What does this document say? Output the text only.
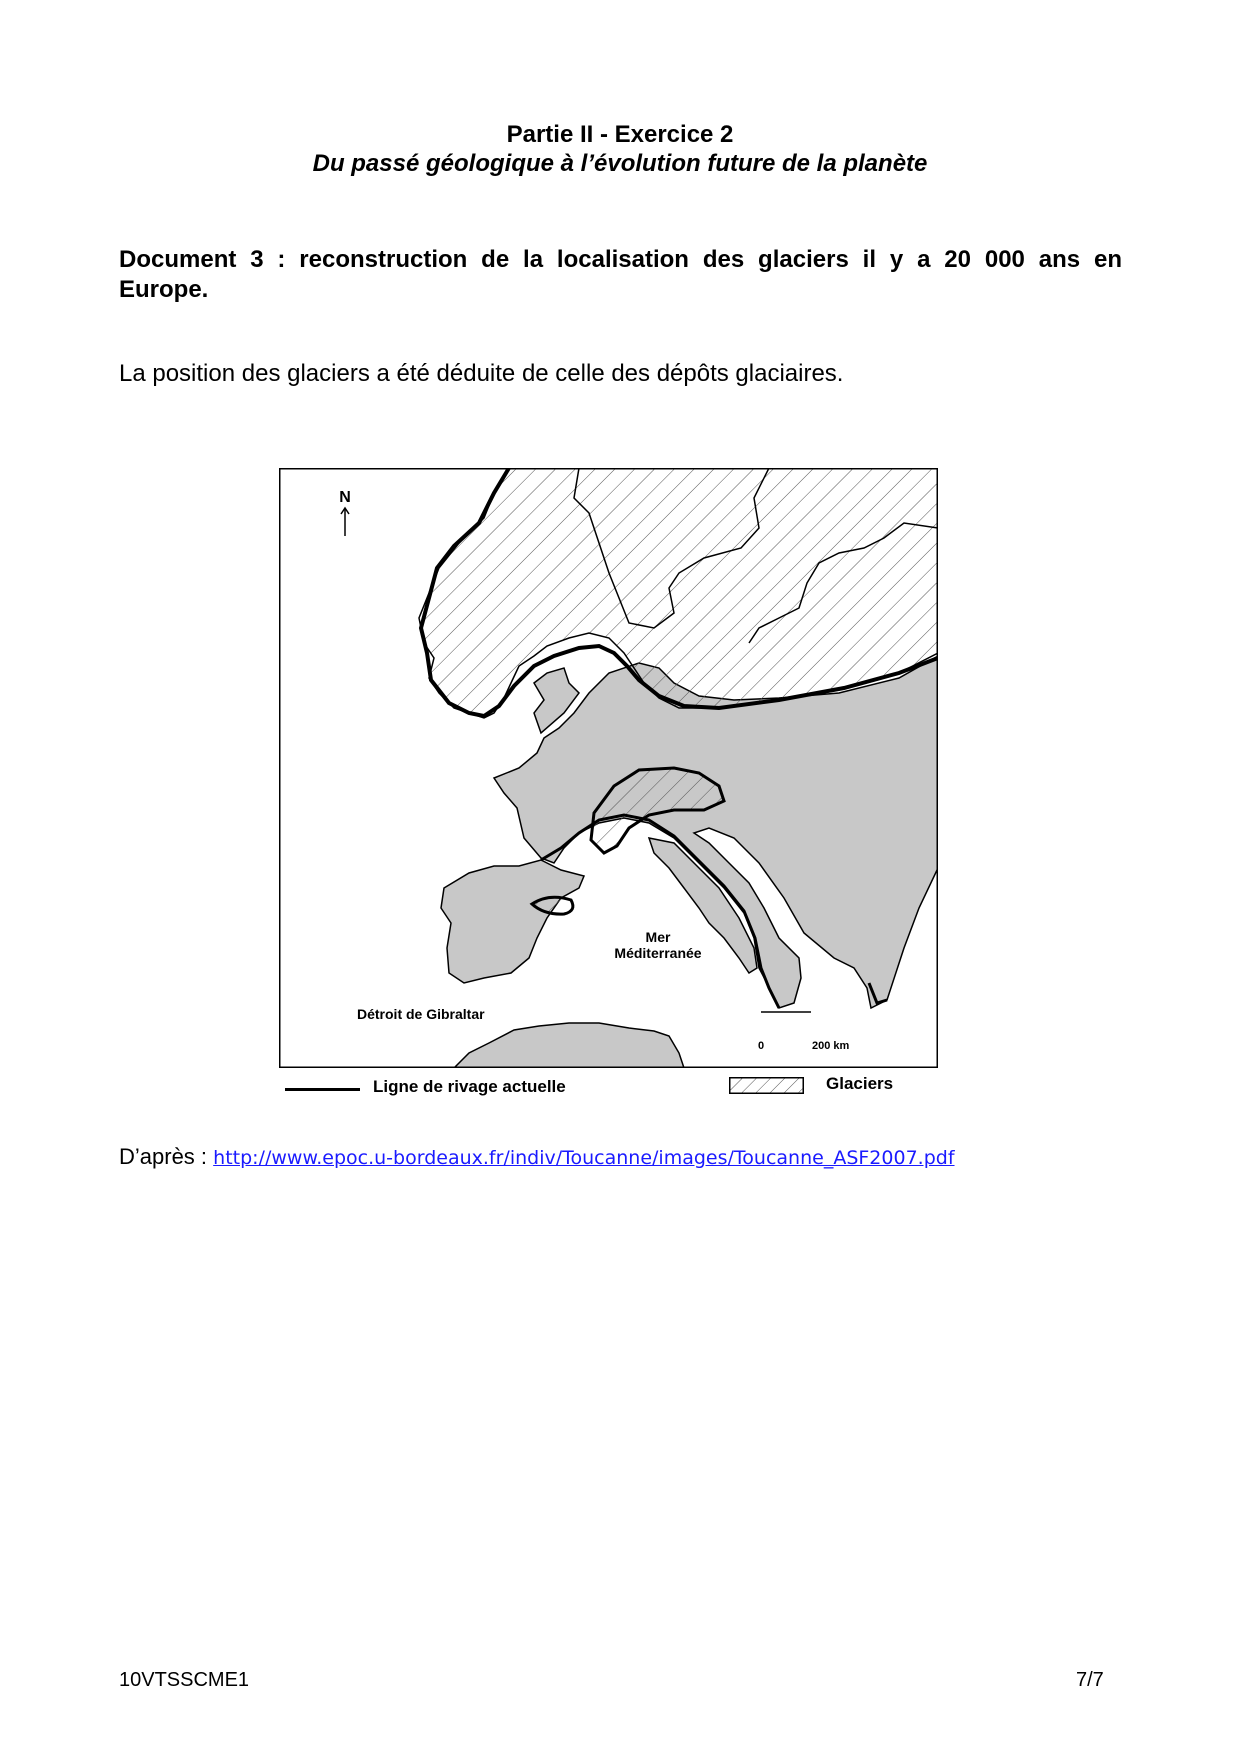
Partie II - Exercice 2
Du passé géologique à l’évolution future de la planète
Document 3 : reconstruction de la localisation des glaciers il y a 20 000 ans en
Europe.
La position des glaciers a été déduite de celle des dépôts glaciaires.
N
Mer
Méditerranée
Détroit de Gibraltar
0	200 km
Ligne de rivage actuelle	Glaciers
D’après : http://www.epoc.u-bordeaux.fr/indiv/Toucanne/images/Toucanne_ASF2007.pdf
10VTSSCME1	7/7
